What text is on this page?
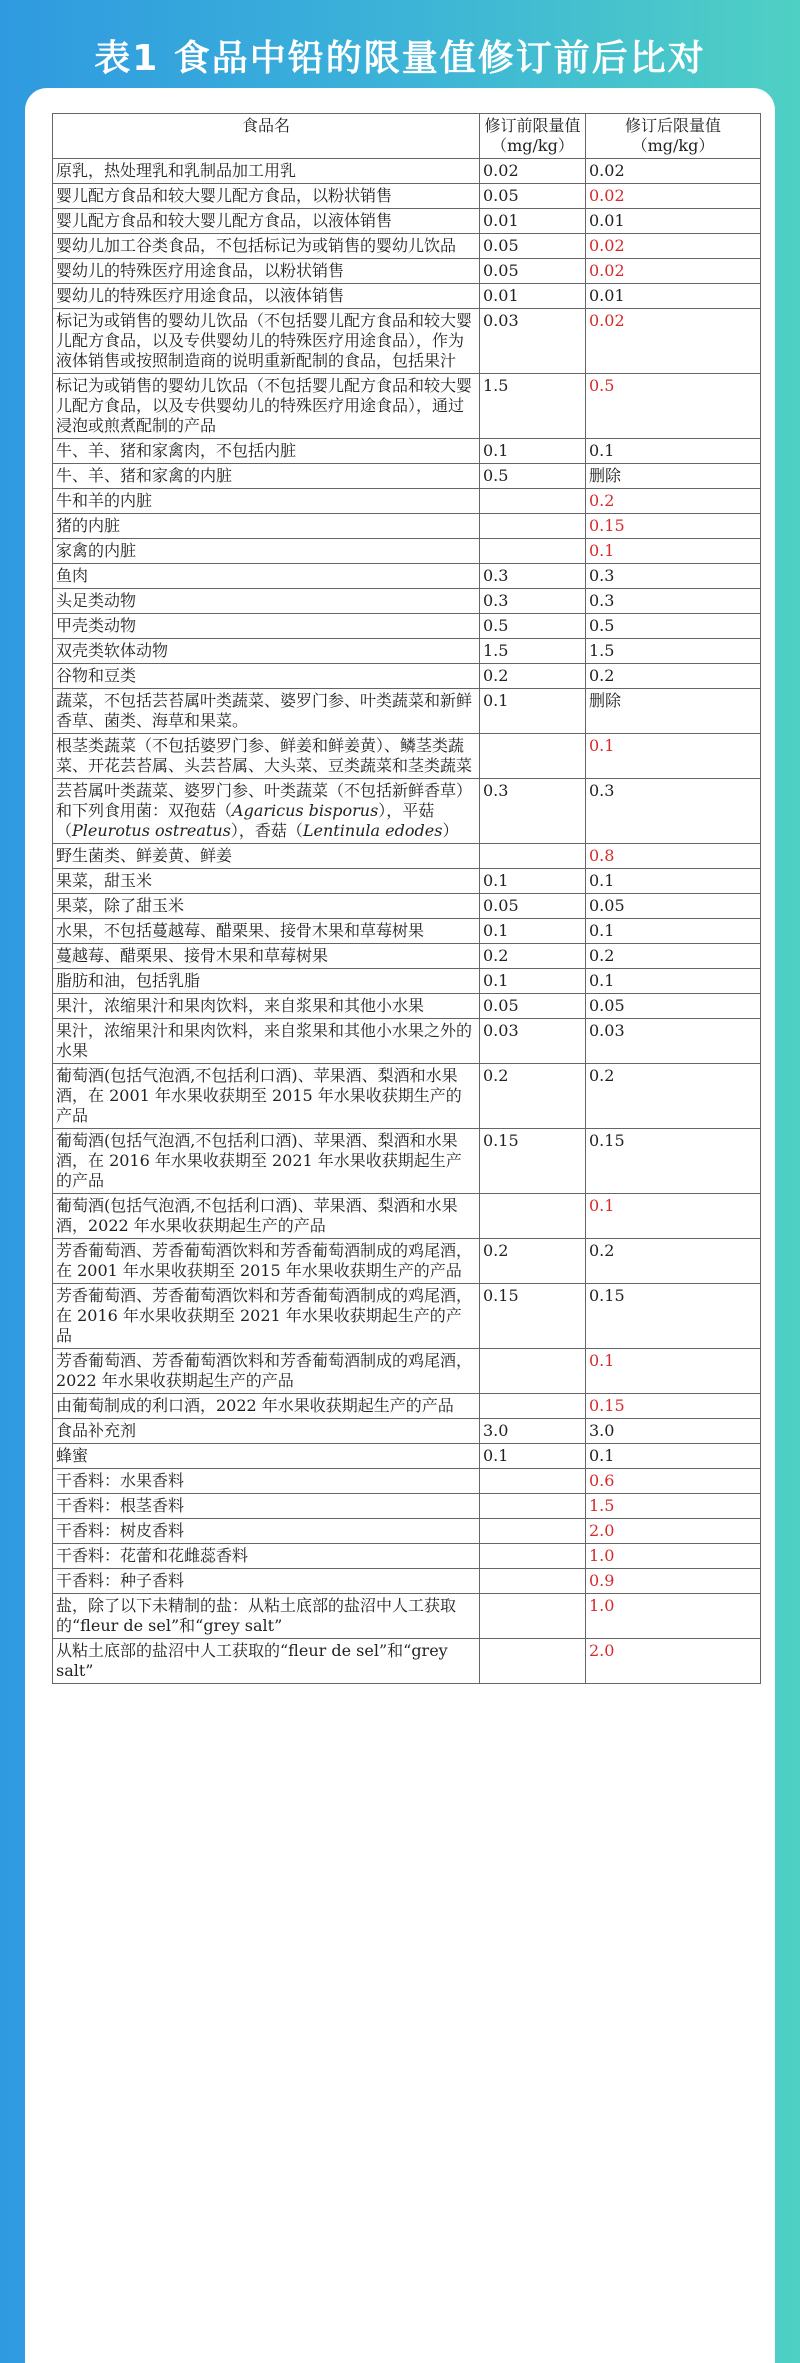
表1 食品中铅的限量值修订前后比对
食品名	修订前限量值（mg/kg）	修订后限量值（mg/kg）
原乳，热处理乳和乳制品加工用乳	0.02	0.02
婴儿配方食品和较大婴儿配方食品，以粉状销售	0.05	0.02
婴儿配方食品和较大婴儿配方食品，以液体销售	0.01	0.01
婴幼儿加工谷类食品，不包括标记为或销售的婴幼儿饮品	0.05	0.02
婴幼儿的特殊医疗用途食品，以粉状销售	0.05	0.02
婴幼儿的特殊医疗用途食品，以液体销售	0.01	0.01
标记为或销售的婴幼儿饮品（不包括婴儿配方食品和较大婴儿配方食品，以及专供婴幼儿的特殊医疗用途食品），作为液体销售或按照制造商的说明重新配制的食品，包括果汁	0.03	0.02
标记为或销售的婴幼儿饮品（不包括婴儿配方食品和较大婴儿配方食品，以及专供婴幼儿的特殊医疗用途食品），通过浸泡或煎煮配制的产品	1.5	0.5
牛、羊、猪和家禽肉，不包括内脏	0.1	0.1
牛、羊、猪和家禽的内脏	0.5	删除
牛和羊的内脏		0.2
猪的内脏		0.15
家禽的内脏		0.1
鱼肉	0.3	0.3
头足类动物	0.3	0.3
甲壳类动物	0.5	0.5
双壳类软体动物	1.5	1.5
谷物和豆类	0.2	0.2
蔬菜，不包括芸苔属叶类蔬菜、婆罗门参、叶类蔬菜和新鲜香草、菌类、海草和果菜。	0.1	删除
根茎类蔬菜（不包括婆罗门参、鲜姜和鲜姜黄）、鳞茎类蔬菜、开花芸苔属、头芸苔属、大头菜、豆类蔬菜和茎类蔬菜		0.1
芸苔属叶类蔬菜、婆罗门参、叶类蔬菜（不包括新鲜香草）和下列食用菌：双孢菇（Agaricus bisporus），平菇（Pleurotus ostreatus），香菇（Lentinula edodes）	0.3	0.3
野生菌类、鲜姜黄、鲜姜		0.8
果菜，甜玉米	0.1	0.1
果菜，除了甜玉米	0.05	0.05
水果，不包括蔓越莓、醋栗果、接骨木果和草莓树果	0.1	0.1
蔓越莓、醋栗果、接骨木果和草莓树果	0.2	0.2
脂肪和油，包括乳脂	0.1	0.1
果汁，浓缩果汁和果肉饮料，来自浆果和其他小水果	0.05	0.05
果汁，浓缩果汁和果肉饮料，来自浆果和其他小水果之外的水果	0.03	0.03
葡萄酒(包括气泡酒,不包括利口酒)、苹果酒、梨酒和水果酒，在 2001 年水果收获期至 2015 年水果收获期生产的产品	0.2	0.2
葡萄酒(包括气泡酒,不包括利口酒)、苹果酒、梨酒和水果酒，在 2016 年水果收获期至 2021 年水果收获期起生产的产品	0.15	0.15
葡萄酒(包括气泡酒,不包括利口酒)、苹果酒、梨酒和水果酒，2022 年水果收获期起生产的产品		0.1
芳香葡萄酒、芳香葡萄酒饮料和芳香葡萄酒制成的鸡尾酒，在 2001 年水果收获期至 2015 年水果收获期生产的产品	0.2	0.2
芳香葡萄酒、芳香葡萄酒饮料和芳香葡萄酒制成的鸡尾酒，在 2016 年水果收获期至 2021 年水果收获期起生产的产品	0.15	0.15
芳香葡萄酒、芳香葡萄酒饮料和芳香葡萄酒制成的鸡尾酒，2022 年水果收获期起生产的产品		0.1
由葡萄制成的利口酒，2022 年水果收获期起生产的产品		0.15
食品补充剂	3.0	3.0
蜂蜜	0.1	0.1
干香料：水果香料		0.6
干香料：根茎香料		1.5
干香料：树皮香料		2.0
干香料：花蕾和花雌蕊香料		1.0
干香料：种子香料		0.9
盐，除了以下未精制的盐：从粘土底部的盐沼中人工获取的“fleur de sel”和“grey salt”		1.0
从粘土底部的盐沼中人工获取的“fleur de sel”和“grey salt”		2.0
